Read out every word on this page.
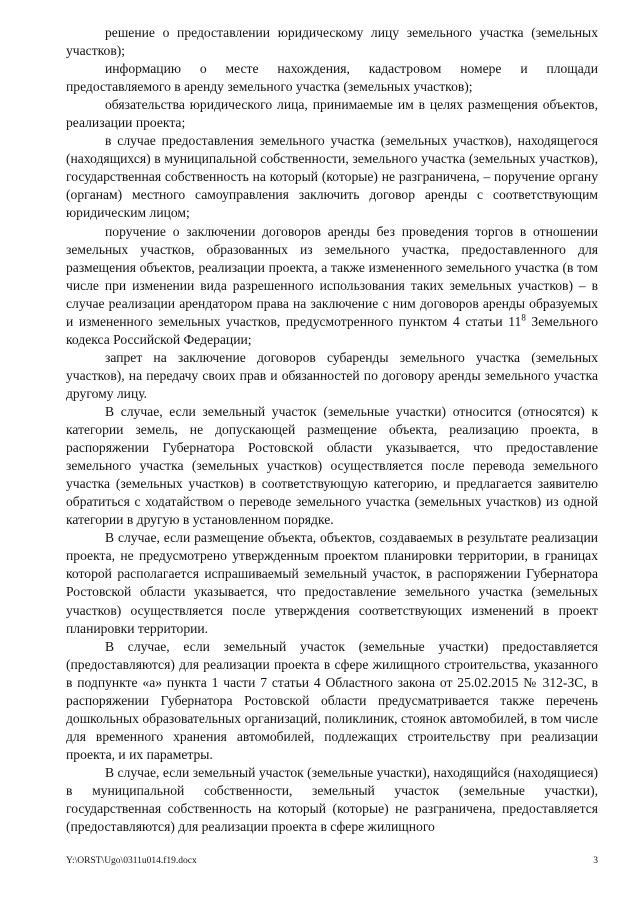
решение о предоставлении юридическому лицу земельного участка (земельных участков);

информацию о месте нахождения, кадастровом номере и площади предоставляемого в аренду земельного участка (земельных участков);

обязательства юридического лица, принимаемые им в целях размещения объектов, реализации проекта;

в случае предоставления земельного участка (земельных участков), находящегося (находящихся) в муниципальной собственности, земельного участка (земельных участков), государственная собственность на который (которые) не разграничена, – поручение органу (органам) местного самоуправления заключить договор аренды с соответствующим юридическим лицом;

поручение о заключении договоров аренды без проведения торгов в отношении земельных участков, образованных из земельного участка, предоставленного для размещения объектов, реализации проекта, а также измененного земельного участка (в том числе при изменении вида разрешенного использования таких земельных участков) – в случае реализации арендатором права на заключение с ним договоров аренды образуемых и измененного земельных участков, предусмотренного пунктом 4 статьи $11^8$ Земельного кодекса Российской Федерации;

запрет на заключение договоров субаренды земельного участка (земельных участков), на передачу своих прав и обязанностей по договору аренды земельного участка другому лицу.

В случае, если земельный участок (земельные участки) относится (относятся) к категории земель, не допускающей размещение объекта, реализацию проекта, в распоряжении Губернатора Ростовской области указывается, что предоставление земельного участка (земельных участков) осуществляется после перевода земельного участка (земельных участков) в соответствующую категорию, и предлагается заявителю обратиться с ходатайством о переводе земельного участка (земельных участков) из одной категории в другую в установленном порядке.

В случае, если размещение объекта, объектов, создаваемых в результате реализации проекта, не предусмотрено утвержденным проектом планировки территории, в границах которой располагается испрашиваемый земельный участок, в распоряжении Губернатора Ростовской области указывается, что предоставление земельного участка (земельных участков) осуществляется после утверждения соответствующих изменений в проект планировки территории.

В случае, если земельный участок (земельные участки) предоставляется (предоставляются) для реализации проекта в сфере жилищного строительства, указанного в подпункте «а» пункта 1 части 7 статьи 4 Областного закона от 25.02.2015 № 312-ЗС, в распоряжении Губернатора Ростовской области предусматривается также перечень дошкольных образовательных организаций, поликлиник, стоянок автомобилей, в том числе для временного хранения автомобилей, подлежащих строительству при реализации проекта, и их параметры.

В случае, если земельный участок (земельные участки), находящийся (находящиеся) в муниципальной собственности, земельный участок (земельные участки), государственная собственность на который (которые) не разграничена, предоставляется (предоставляются) для реализации проекта в сфере жилищного

Y:\ORST\Ugo\0311u014.f19.docx	3
